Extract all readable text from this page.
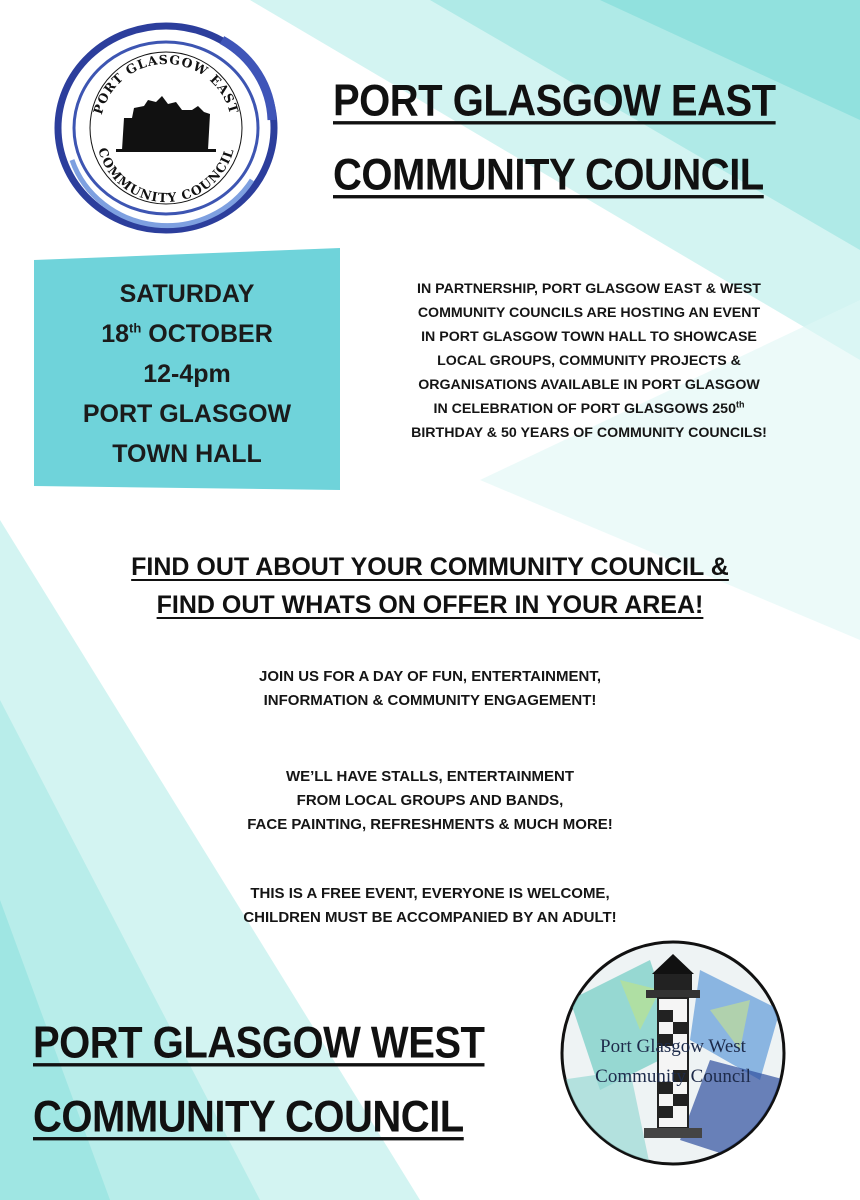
PORT GLASGOW EAST
COMMUNITY COUNCIL
PORT GLASGOW EAST
COMMUNITY COUNCIL
SATURDAY
18th OCTOBER
12-4pm
PORT GLASGOW
TOWN HALL
IN PARTNERSHIP, PORT GLASGOW EAST & WEST
COMMUNITY COUNCILS ARE HOSTING AN EVENT
IN PORT GLASGOW TOWN HALL TO SHOWCASE
LOCAL GROUPS, COMMUNITY PROJECTS &
ORGANISATIONS AVAILABLE IN PORT GLASGOW
IN CELEBRATION OF PORT GLASGOWS 250th
BIRTHDAY & 50 YEARS OF COMMUNITY COUNCILS!
FIND OUT ABOUT YOUR COMMUNITY COUNCIL &
FIND OUT WHATS ON OFFER IN YOUR AREA!
JOIN US FOR A DAY OF FUN, ENTERTAINMENT,
INFORMATION & COMMUNITY ENGAGEMENT!
WE’LL HAVE STALLS, ENTERTAINMENT
FROM LOCAL GROUPS AND BANDS,
FACE PAINTING, REFRESHMENTS & MUCH MORE!
THIS IS A FREE EVENT, EVERYONE IS WELCOME,
CHILDREN MUST BE ACCOMPANIED BY AN ADULT!
PORT GLASGOW WEST
COMMUNITY COUNCIL
Port Glasgow West
Community Council
